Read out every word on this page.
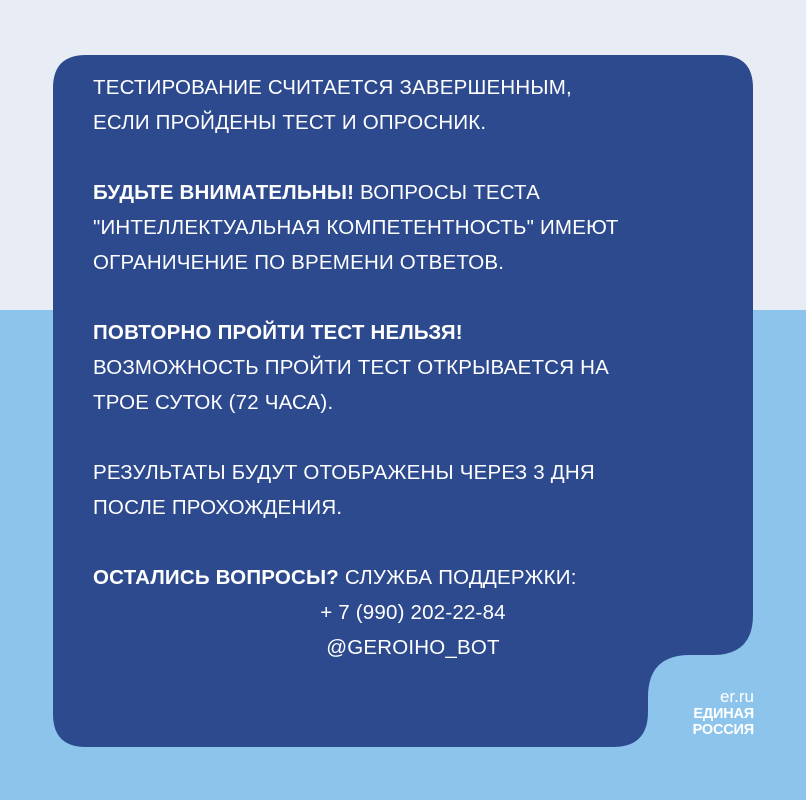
ТЕСТИРОВАНИЕ СЧИТАЕТСЯ ЗАВЕРШЕННЫМ,
ЕСЛИ ПРОЙДЕНЫ ТЕСТ И ОПРОСНИК.

БУДЬТЕ ВНИМАТЕЛЬНЫ! ВОПРОСЫ ТЕСТА
"ИНТЕЛЛЕКТУАЛЬНАЯ КОМПЕТЕНТНОСТЬ" ИМЕЮТ
ОГРАНИЧЕНИЕ ПО ВРЕМЕНИ ОТВЕТОВ.

ПОВТОРНО ПРОЙТИ ТЕСТ НЕЛЬЗЯ!
ВОЗМОЖНОСТЬ ПРОЙТИ ТЕСТ ОТКРЫВАЕТСЯ НА
ТРОЕ СУТОК (72 ЧАСА).

РЕЗУЛЬТАТЫ БУДУТ ОТОБРАЖЕНЫ ЧЕРЕЗ 3 ДНЯ
ПОСЛЕ ПРОХОЖДЕНИЯ.

ОСТАЛИСЬ ВОПРОСЫ? СЛУЖБА ПОДДЕРЖКИ:

+ 7 (990) 202-22-84
@GEROIHO_BOT
er.ru
ЕДИНАЯ
РОССИЯ
